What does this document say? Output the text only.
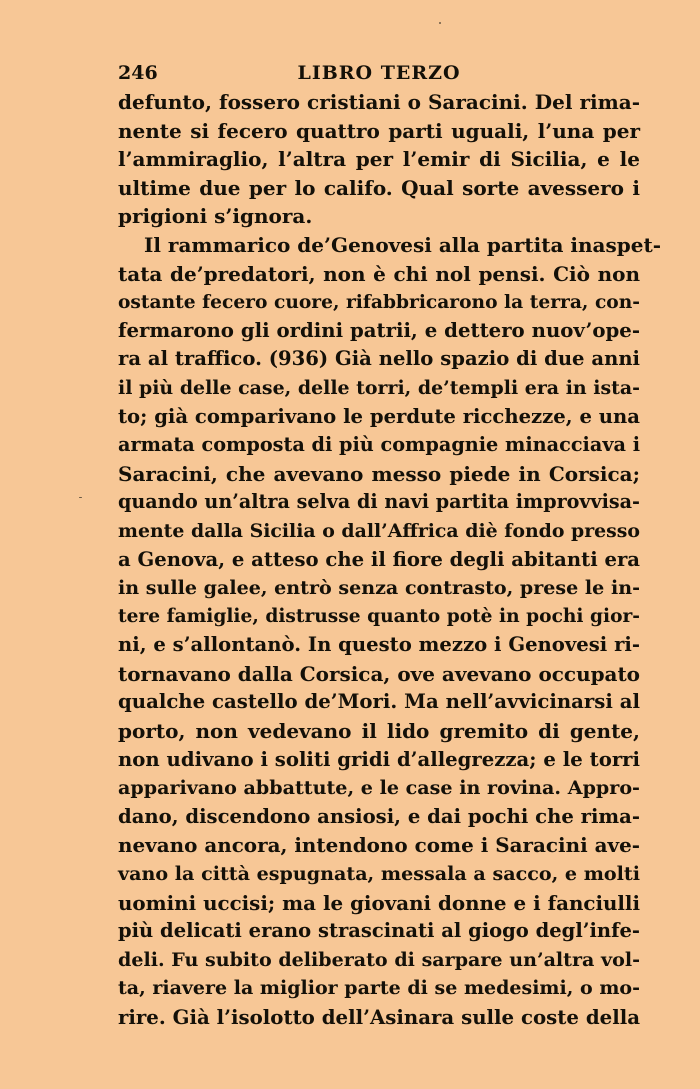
246	LIBRO TERZO

defunto, fossero cristiani o Saracini. Del rima-
nente si fecero quattro parti uguali, l’una per
l’ammiraglio, l’altra per l’emir di Sicilia, e le
ultime due per lo califo. Qual sorte avessero i
prigioni s’ignora.

Il rammarico de’Genovesi alla partita inaspet-
tata de’predatori, non è chi nol pensi. Ciò non
ostante fecero cuore, rifabbricarono la terra, con-
fermarono gli ordini patrii, e dettero nuov’ope-
ra al traffico. (936) Già nello spazio di due anni
il più delle case, delle torri, de’templi era in ista-
to; già comparivano le perdute ricchezze, e una
armata composta di più compagnie minacciava i
Saracini, che avevano messo piede in Corsica;
quando un’altra selva di navi partita improvvisa-
mente dalla Sicilia o dall’Affrica diè fondo presso
a Genova, e atteso che il fiore degli abitanti era
in sulle galee, entrò senza contrasto, prese le in-
tere famiglie, distrusse quanto potè in pochi gior-
ni, e s’allontanò. In questo mezzo i Genovesi ri-
tornavano dalla Corsica, ove avevano occupato
qualche castello de’Mori. Ma nell’avvicinarsi al
porto, non vedevano il lido gremito di gente,
non udivano i soliti gridi d’allegrezza; e le torri
apparivano abbattute, e le case in rovina. Appro-
dano, discendono ansiosi, e dai pochi che rima-
nevano ancora, intendono come i Saracini ave-
vano la città espugnata, messala a sacco, e molti
uomini uccisi; ma le giovani donne e i fanciulli
più delicati erano strascinati al giogo degl’infe-
deli. Fu subito deliberato di sarpare un’altra vol-
ta, riavere la miglior parte di se medesimi, o mo-
rire. Già l’isolotto dell’Asinara sulle coste della
